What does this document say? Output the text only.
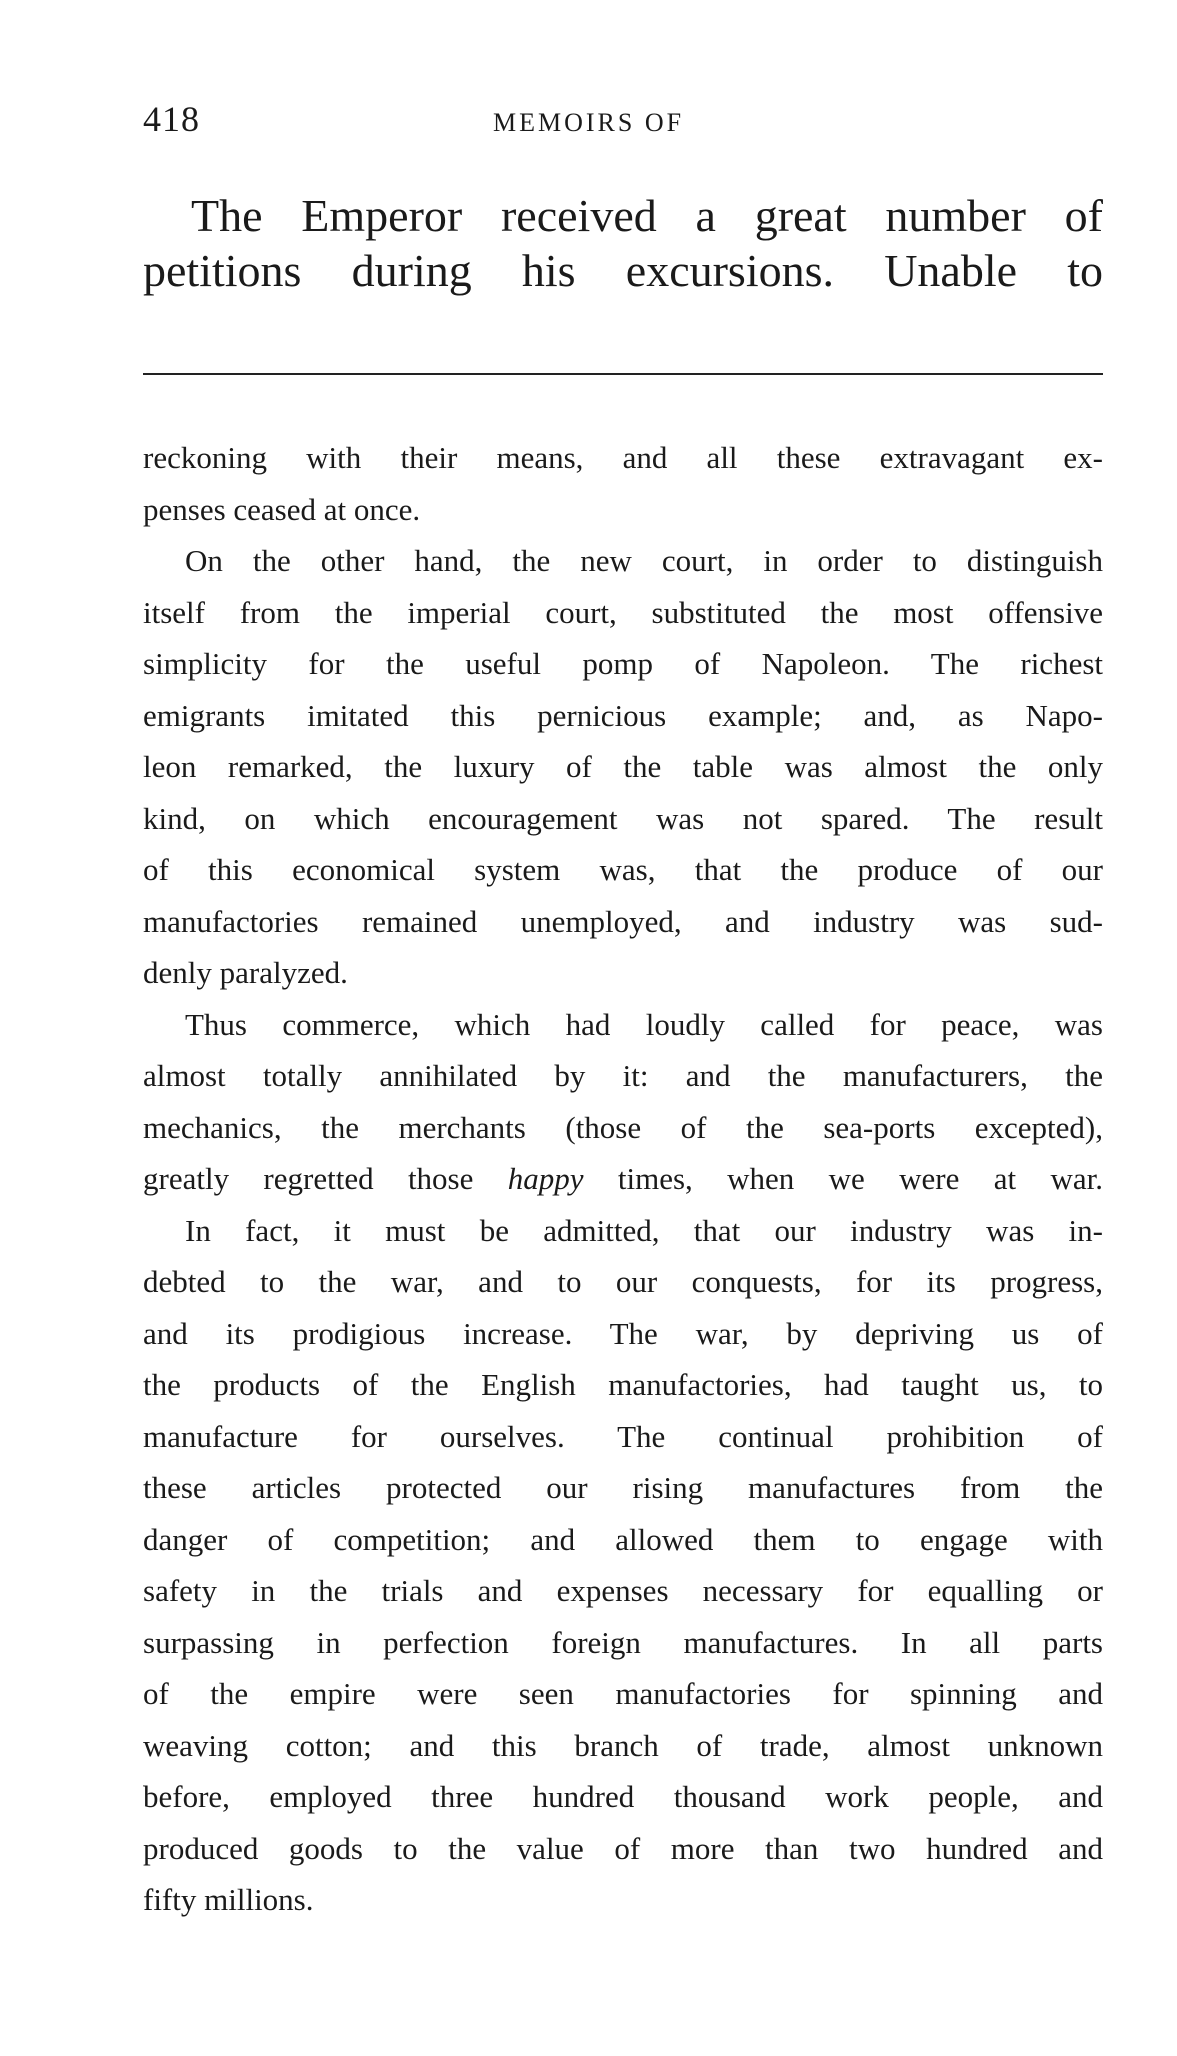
418	MEMOIRS OF
The Emperor received a great number of
petitions during his excursions. Unable to
reckoning with their means, and all these extravagant ex-
penses ceased at once.
On the other hand, the new court, in order to distinguish
itself from the imperial court, substituted the most offensive
simplicity for the useful pomp of Napoleon. The richest
emigrants imitated this pernicious example; and, as Napo-
leon remarked, the luxury of the table was almost the only
kind, on which encouragement was not spared. The result
of this economical system was, that the produce of our
manufactories remained unemployed, and industry was sud-
denly paralyzed.
Thus commerce, which had loudly called for peace, was
almost totally annihilated by it: and the manufacturers, the
mechanics, the merchants (those of the sea-ports excepted),
greatly regretted those happy times, when we were at war.
In fact, it must be admitted, that our industry was in-
debted to the war, and to our conquests, for its progress,
and its prodigious increase. The war, by depriving us of
the products of the English manufactories, had taught us, to
manufacture for ourselves. The continual prohibition of
these articles protected our rising manufactures from the
danger of competition; and allowed them to engage with
safety in the trials and expenses necessary for equalling or
surpassing in perfection foreign manufactures. In all parts
of the empire were seen manufactories for spinning and
weaving cotton; and this branch of trade, almost unknown
before, employed three hundred thousand work people, and
produced goods to the value of more than two hundred and
fifty millions.
